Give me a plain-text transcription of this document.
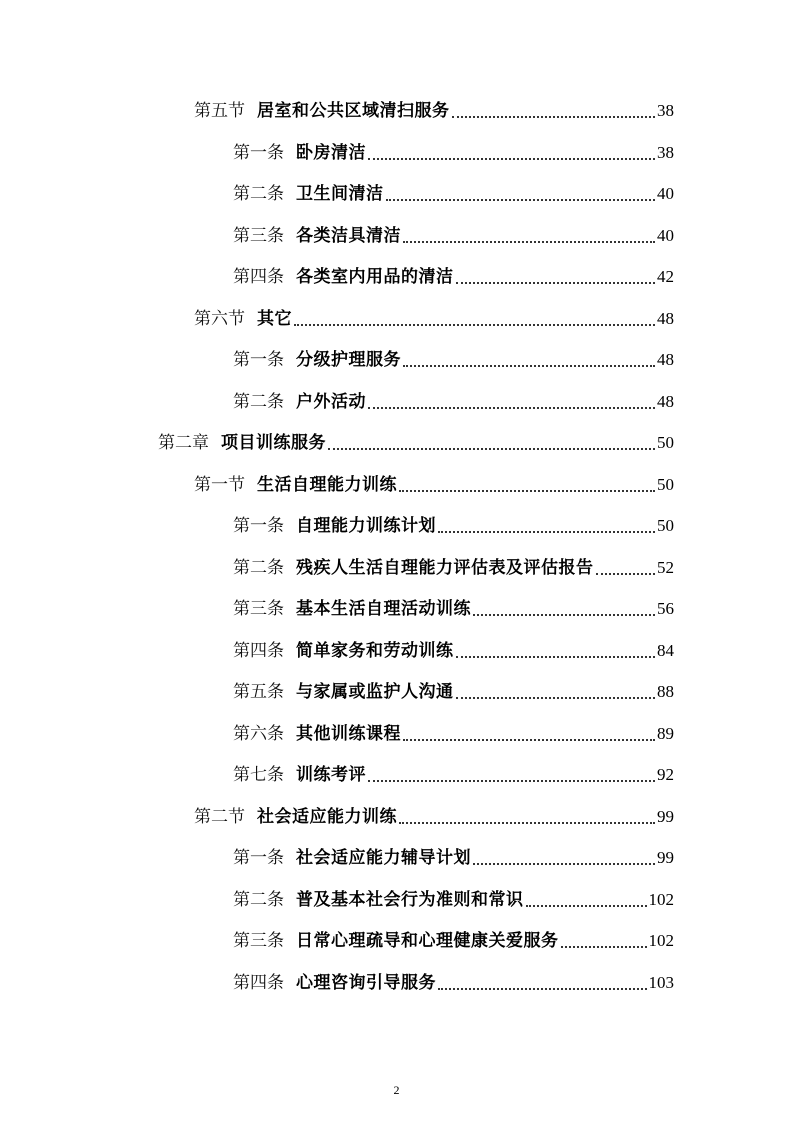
第五节 居室和公共区域清扫服务	38
第一条 卧房清洁	38
第二条 卫生间清洁	40
第三条 各类洁具清洁	40
第四条 各类室内用品的清洁	42
第六节 其它	48
第一条 分级护理服务	48
第二条 户外活动	48
第二章 项目训练服务	50
第一节 生活自理能力训练	50
第一条 自理能力训练计划	50
第二条 残疾人生活自理能力评估表及评估报告	52
第三条 基本生活自理活动训练	56
第四条 简单家务和劳动训练	84
第五条 与家属或监护人沟通	88
第六条 其他训练课程	89
第七条 训练考评	92
第二节 社会适应能力训练	99
第一条 社会适应能力辅导计划	99
第二条 普及基本社会行为准则和常识	102
第三条 日常心理疏导和心理健康关爱服务	102
第四条 心理咨询引导服务	103
2
